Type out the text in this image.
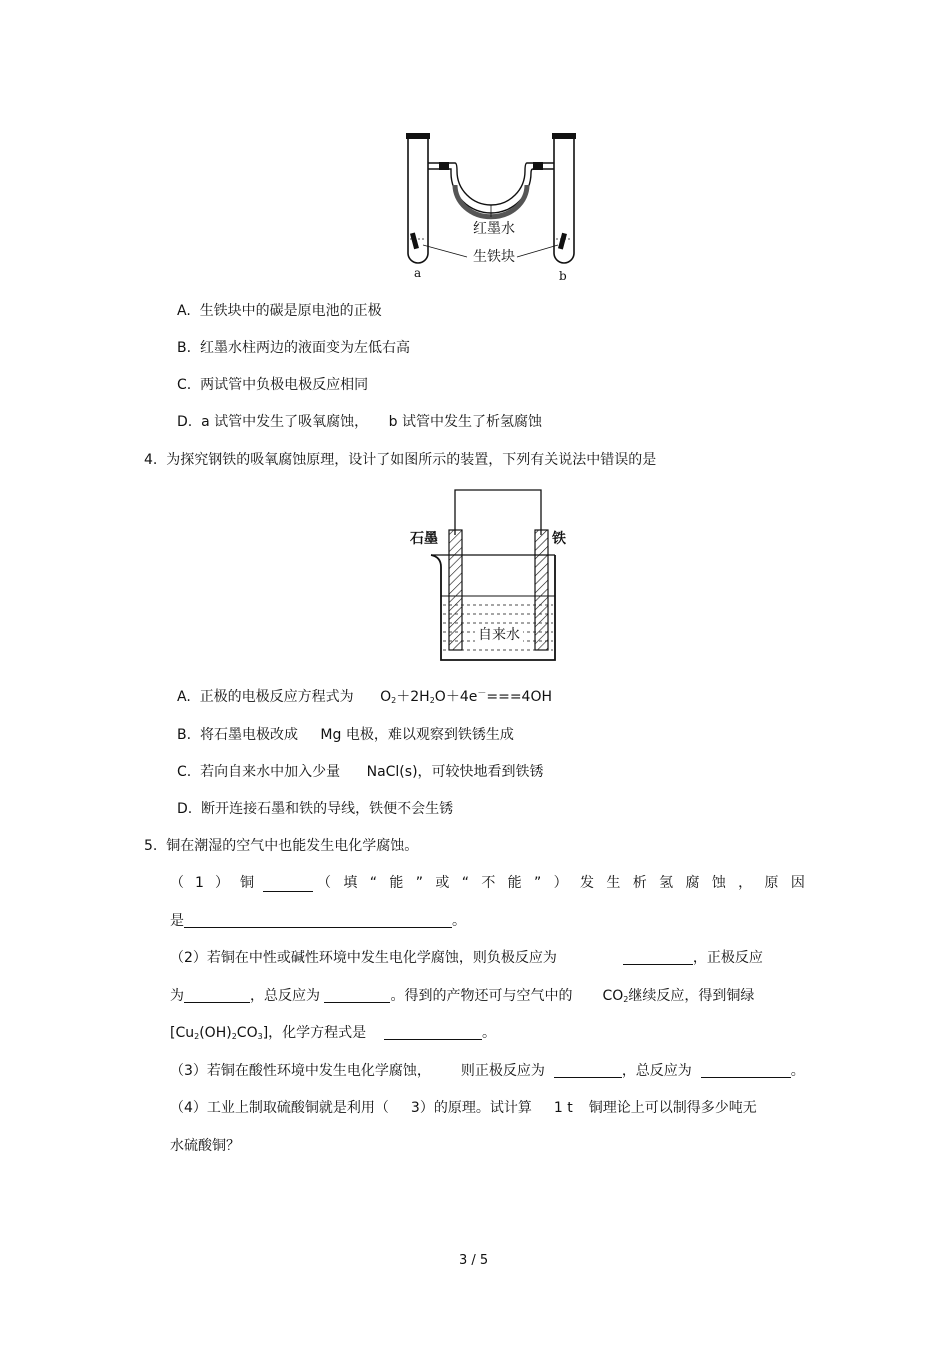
红墨水
生铁块
a	b
A. 生铁块中的碳是原电池的正极
B. 红墨水柱两边的液面变为左低右高
C. 两试管中负极电极反应相同
D. a 试管中发生了吸氧腐蚀， b 试管中发生了析氢腐蚀
4. 为探究钢铁的吸氧腐蚀原理，设计了如图所示的装置，下列有关说法中错误的是
石墨	铁
自来水
A. 正极的电极反应方程式为 $O_2+2H_2O+4e^-===4OH$
B. 将石墨电极改成 Mg 电极，难以观察到铁锈生成
C. 若向自来水中加入少量 NaCl(s)，可较快地看到铁锈
D. 断开连接石墨和铁的导线，铁便不会生锈
5. 铜在潮湿的空气中也能发生电化学腐蚀。
（ 1 ） 铜	（ 填 “ 能 ” 或 “ 不 能 ” ） 发 生 析 氢 腐 蚀 ， 原 因
是	。
（2）若铜在中性或碱性环境中发生电化学腐蚀，则负极反应为	，正极反应
为	，总反应为	。得到的产物还可与空气中的 $CO_2$继续反应，得到铜绿
$[Cu_2(OH)_2CO_3]$，化学方程式是	。
（3）若铜在酸性环境中发生电化学腐蚀， 则正极反应为	，总反应为	。
（4）工业上制取硫酸铜就是利用（ 3）的原理。试计算 1 t 铜理论上可以制得多少吨无
水硫酸铜？
3 / 5
